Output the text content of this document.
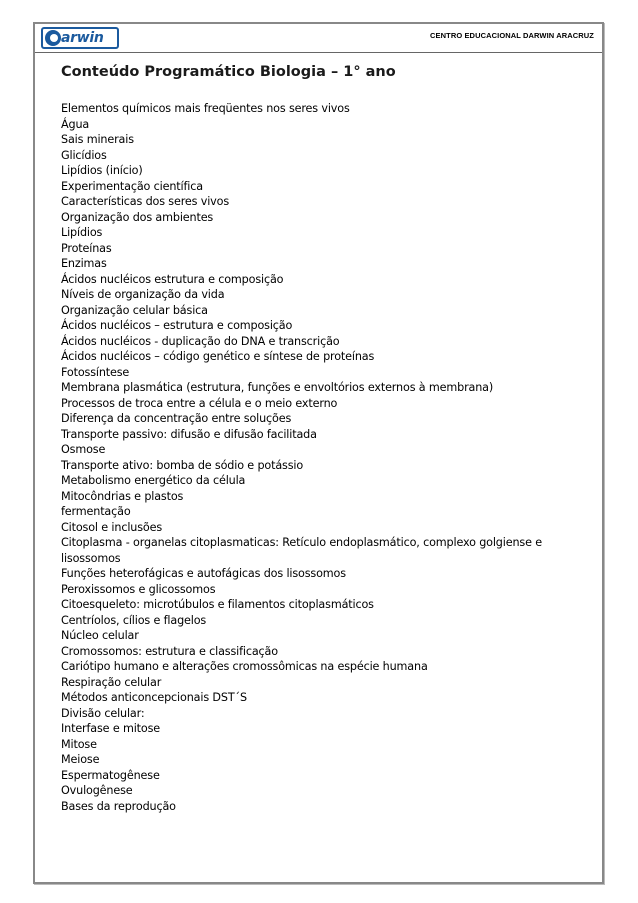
arwin	CENTRO EDUCACIONAL DARWIN ARACRUZ
Conteúdo Programático Biologia – 1° ano
Elementos químicos mais freqüentes nos seres vivos
Água
Sais minerais
Glicídios
Lipídios (início)
Experimentação científica
Características dos seres vivos
Organização dos ambientes
Lipídios
Proteínas
Enzimas
Ácidos nucléicos estrutura e composição
Níveis de organização da vida
Organização celular básica
Ácidos nucléicos – estrutura e composição
Ácidos nucléicos - duplicação do DNA e transcrição
Ácidos nucléicos – código genético e síntese de proteínas
Fotossíntese
Membrana plasmática (estrutura, funções e envoltórios externos à membrana)
Processos de troca entre a célula e o meio externo
Diferença da concentração entre soluções
Transporte passivo: difusão e difusão facilitada
Osmose
Transporte ativo: bomba de sódio e potássio
Metabolismo energético da célula
Mitocôndrias e plastos
fermentação
Citosol e inclusões
Citoplasma - organelas citoplasmaticas: Retículo endoplasmático, complexo golgiense e lisossomos
Funções heterofágicas e autofágicas dos lisossomos
Peroxissomos e glicossomos
Citoesqueleto: microtúbulos e filamentos citoplasmáticos
Centríolos, cílios e flagelos
Núcleo celular
Cromossomos: estrutura e classificação
Cariótipo humano e alterações cromossômicas na espécie humana
Respiração celular
Métodos anticoncepcionais DST´S
Divisão celular:
Interfase e mitose
Mitose
Meiose
Espermatogênese
Ovulogênese
Bases da reprodução
